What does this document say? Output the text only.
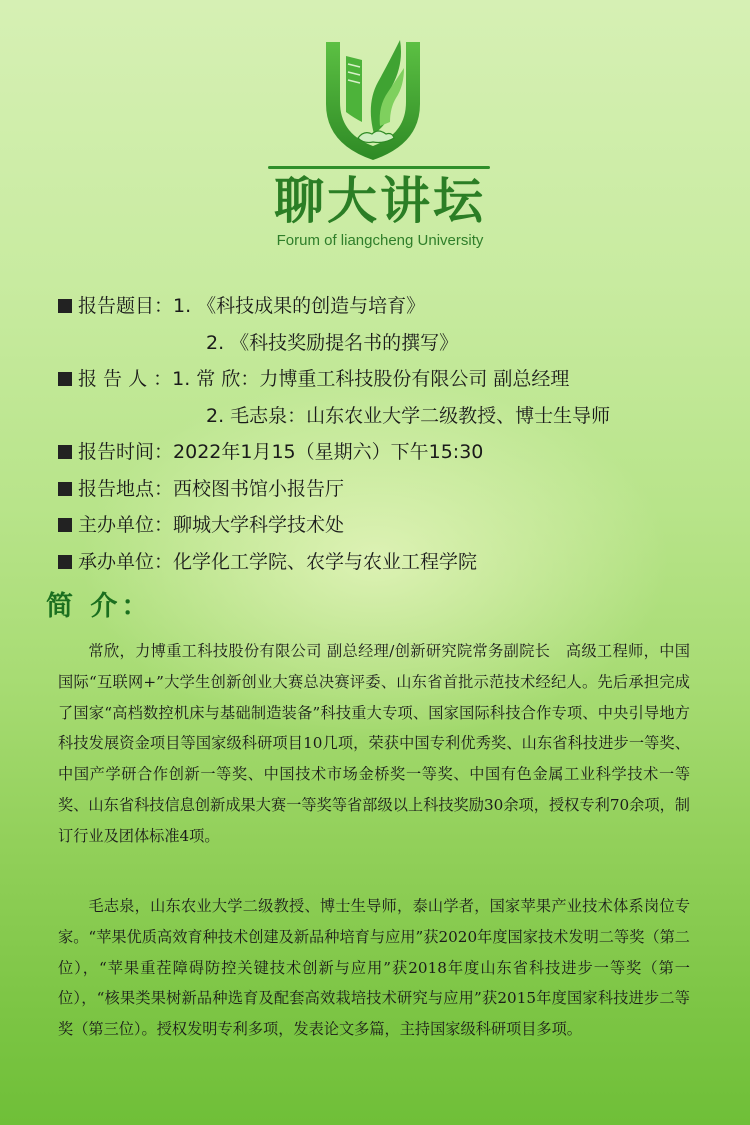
聊大讲坛
Forum of liangcheng University
报告题目：1. 《科技成果的创造与培育》
2. 《科技奖励提名书的撰写》
报 告 人 ：1. 常 欣：力博重工科技股份有限公司 副总经理
2. 毛志泉：山东农业大学二级教授、博士生导师
报告时间：2022年1月15（星期六）下午15:30
报告地点：西校图书馆小报告厅
主办单位：聊城大学科学技术处
承办单位：化学化工学院、农学与农业工程学院
简 介：
常欣，力博重工科技股份有限公司 副总经理/创新研究院常务副院长　高级工程师，中国国际“互联网+”大学生创新创业大赛总决赛评委、山东省首批示范技术经纪人。先后承担完成了国家“高档数控机床与基础制造装备”科技重大专项、国家国际科技合作专项、中央引导地方科技发展资金项目等国家级科研项目10几项，荣获中国专利优秀奖、山东省科技进步一等奖、中国产学研合作创新一等奖、中国技术市场金桥奖一等奖、中国有色金属工业科学技术一等奖、山东省科技信息创新成果大赛一等奖等省部级以上科技奖励30余项，授权专利70余项，制订行业及团体标准4项。
毛志泉，山东农业大学二级教授、博士生导师，泰山学者，国家苹果产业技术体系岗位专家。“苹果优质高效育种技术创建及新品种培育与应用”获2020年度国家技术发明二等奖（第二位），“苹果重茬障碍防控关键技术创新与应用”获2018年度山东省科技进步一等奖（第一位），“核果类果树新品种选育及配套高效栽培技术研究与应用”获2015年度国家科技进步二等奖（第三位）。授权发明专利多项，发表论文多篇，主持国家级科研项目多项。
